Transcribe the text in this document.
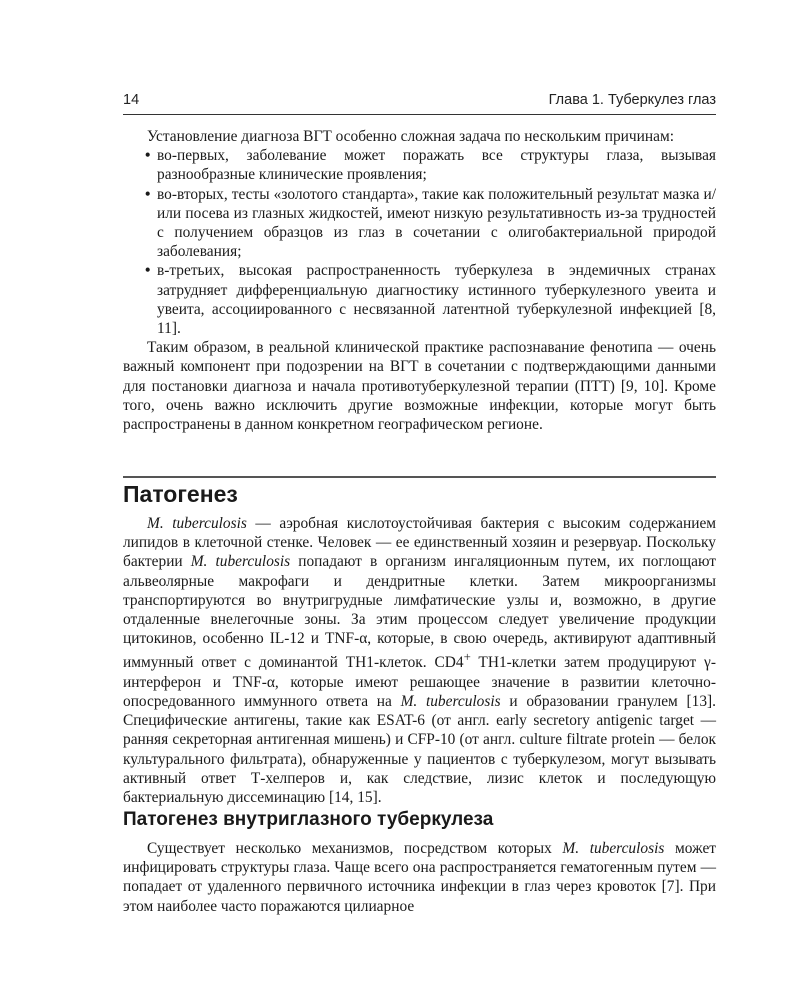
14	Глава 1. Туберкулез глаз

Установление диагноза ВГТ особенно сложная задача по нескольким причинам:

• во-первых, заболевание может поражать все структуры глаза, вызывая разнообразные клинические проявления;
• во-вторых, тесты «золотого стандарта», такие как положительный результат мазка и/или посева из глазных жидкостей, имеют низкую результативность из-за трудностей с получением образцов из глаз в сочетании с олигобактериальной природой заболевания;
• в-третьих, высокая распространенность туберкулеза в эндемичных странах затрудняет дифференциальную диагностику истинного туберкулезного увеита и увеита, ассоциированного с несвязанной латентной туберкулезной инфекцией [8, 11].

Таким образом, в реальной клинической практике распознавание фенотипа — очень важный компонент при подозрении на ВГТ в сочетании с подтверждающими данными для постановки диагноза и начала противотуберкулезной терапии (ПТТ) [9, 10]. Кроме того, очень важно исключить другие возможные инфекции, которые могут быть распространены в данном конкретном географическом регионе.

Патогенез

M. tuberculosis — аэробная кислотоустойчивая бактерия с высоким содержанием липидов в клеточной стенке. Человек — ее единственный хозяин и резервуар. Поскольку бактерии M. tuberculosis попадают в организм ингаляционным путем, их поглощают альвеолярные макрофаги и дендритные клетки. Затем микроорганизмы транспортируются во внутригрудные лимфатические узлы и, возможно, в другие отдаленные внелегочные зоны. За этим процессом следует увеличение продукции цитокинов, особенно IL-12 и TNF-α, которые, в свою очередь, активируют адаптивный иммунный ответ с доминантой TH1-клеток. CD4+ TH1-клетки затем продуцируют γ-интерферон и TNF-α, которые имеют решающее значение в развитии клеточно-опосредованного иммунного ответа на M. tuberculosis и образовании гранулем [13]. Специфические антигены, такие как ESAT-6 (от англ. early secretory antigenic target — ранняя секреторная антигенная мишень) и CFP-10 (от англ. culture filtrate protein — белок культурального фильтрата), обнаруженные у пациентов с туберкулезом, могут вызывать активный ответ Т-хелперов и, как следствие, лизис клеток и последующую бактериальную диссеминацию [14, 15].

Патогенез внутриглазного туберкулеза

Существует несколько механизмов, посредством которых M. tuberculosis может инфицировать структуры глаза. Чаще всего она распространяется гематогенным путем — попадает от удаленного первичного источника инфекции в глаз через кровоток [7]. При этом наиболее часто поражаются цилиарное
